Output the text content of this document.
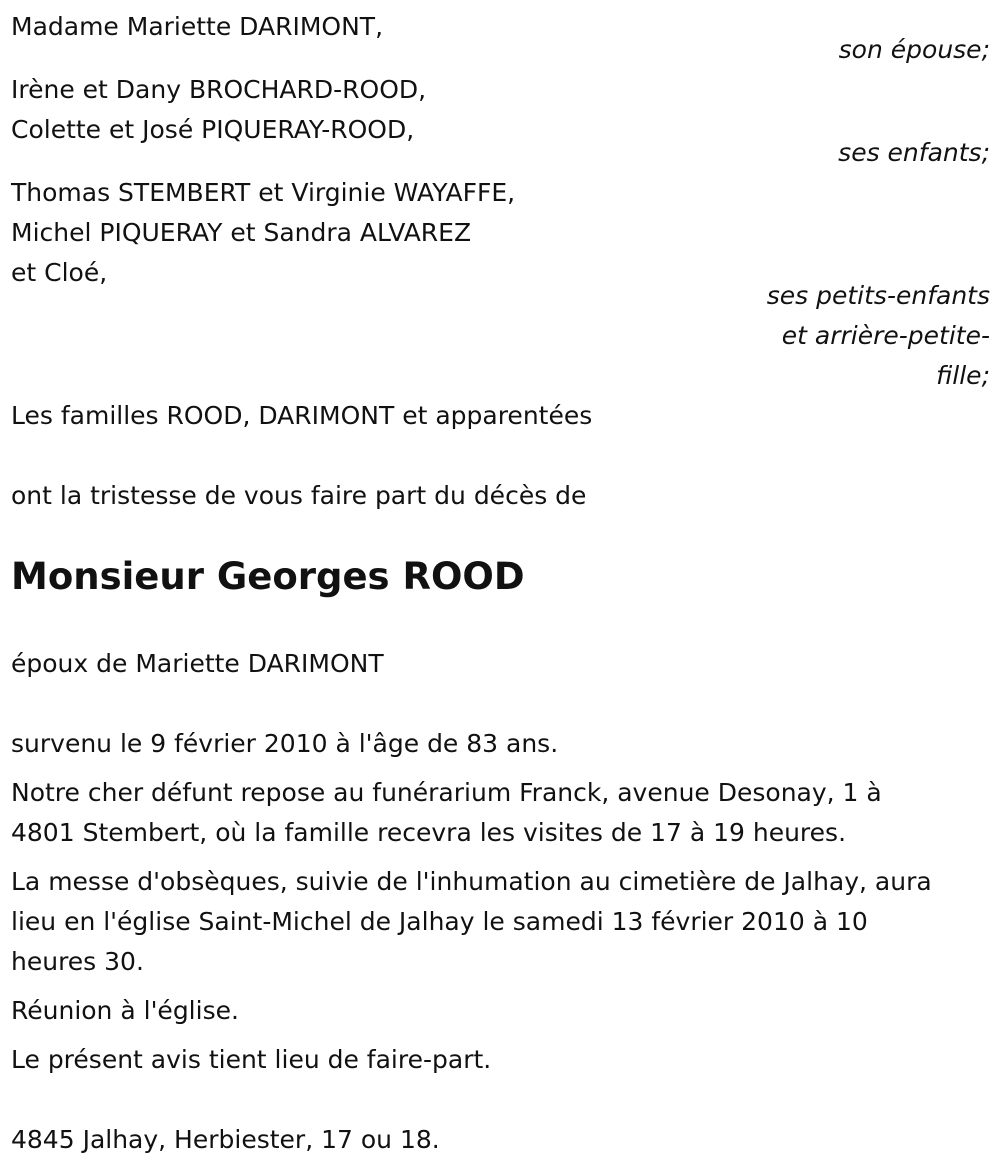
Madame Mariette DARIMONT,

son épouse;

Irène et Dany BROCHARD-ROOD,

Colette et José PIQUERAY-ROOD,

ses enfants;

Thomas STEMBERT et Virginie WAYAFFE,

Michel PIQUERAY et Sandra ALVAREZ

et Cloé,

ses petits-enfants

et arrière-petite-

fille;

Les familles ROOD, DARIMONT et apparentées

ont la tristesse de vous faire part du décès de

Monsieur Georges ROOD

époux de Mariette DARIMONT

survenu le 9 février 2010 à l'âge de 83 ans.

Notre cher défunt repose au funérarium Franck, avenue Desonay, 1 à

4801 Stembert, où la famille recevra les visites de 17 à 19 heures.

La messe d'obsèques, suivie de l'inhumation au cimetière de Jalhay, aura

lieu en l'église Saint-Michel de Jalhay le samedi 13 février 2010 à 10

heures 30.

Réunion à l'église.

Le présent avis tient lieu de faire-part.

4845 Jalhay, Herbiester, 17 ou 18.
